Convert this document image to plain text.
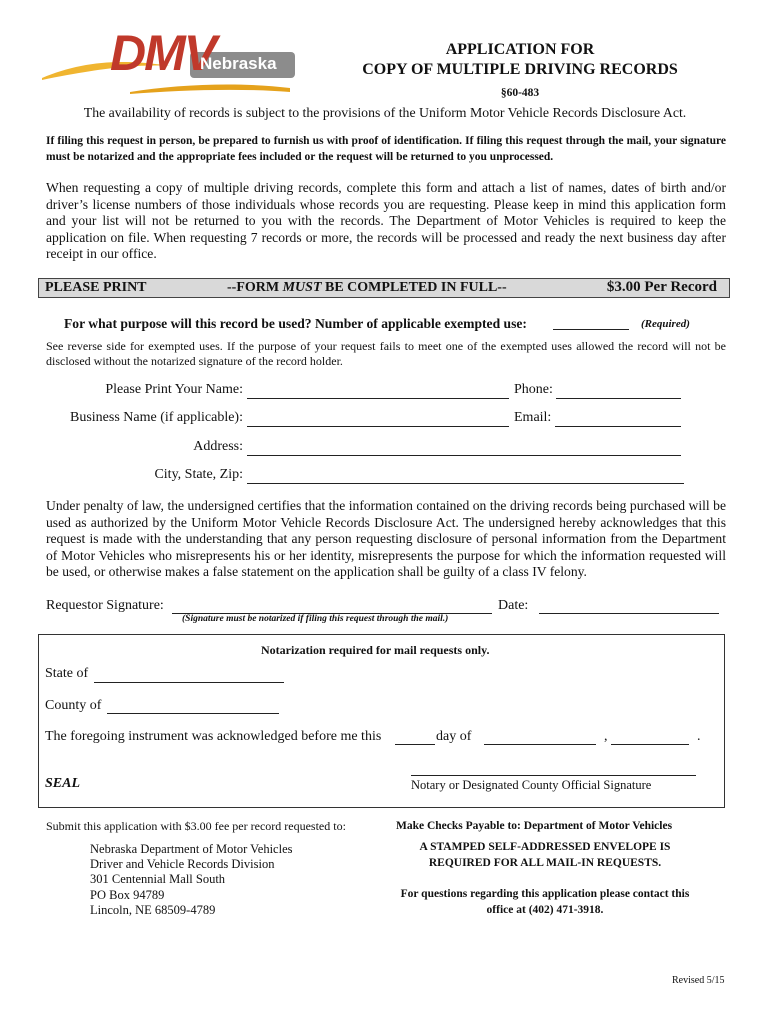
DMV
Nebraska
APPLICATION FOR
COPY OF MULTIPLE DRIVING RECORDS
§60-483
The availability of records is subject to the provisions of the Uniform Motor Vehicle Records Disclosure Act.
If filing this request in person, be prepared to furnish us with proof of identification. If filing this request through the mail, your signature must be notarized and the appropriate fees included or the request will be returned to you unprocessed.
When requesting a copy of multiple driving records, complete this form and attach a list of names, dates of birth and/or driver’s license numbers of those individuals whose records you are requesting. Please keep in mind this application form and your list will not be returned to you with the records. The Department of Motor Vehicles is required to keep the application on file. When requesting 7 records or more, the records will be processed and ready the next business day after receipt in our office.
PLEASE PRINT	--FORM MUST BE COMPLETED IN FULL--	$3.00 Per Record
For what purpose will this record be used? Number of applicable exempted use:	(Required)
See reverse side for exempted uses. If the purpose of your request fails to meet one of the exempted uses allowed the record will not be disclosed without the notarized signature of the record holder.
Please Print Your Name:	Phone:
Business Name (if applicable):	Email:
Address:
City, State, Zip:
Under penalty of law, the undersigned certifies that the information contained on the driving records being purchased will be used as authorized by the Uniform Motor Vehicle Records Disclosure Act. The undersigned hereby acknowledges that this request is made with the understanding that any person requesting disclosure of personal information from the Department of Motor Vehicles who misrepresents his or her identity, misrepresents the purpose for which the information requested will be used, or otherwise makes a false statement on the application shall be guilty of a class IV felony.
Requestor Signature:	Date:
(Signature must be notarized if filing this request through the mail.)
Notarization required for mail requests only.
State of
County of
The foregoing instrument was acknowledged before me this	day of	,	.
SEAL	Notary or Designated County Official Signature
Submit this application with $3.00 fee per record requested to:
Nebraska Department of Motor Vehicles
Driver and Vehicle Records Division
301 Centennial Mall South
PO Box 94789
Lincoln, NE 68509-4789
Make Checks Payable to: Department of Motor Vehicles
A STAMPED SELF-ADDRESSED ENVELOPE IS
REQUIRED FOR ALL MAIL-IN REQUESTS.
For questions regarding this application please contact this
office at (402) 471-3918.
Revised 5/15
